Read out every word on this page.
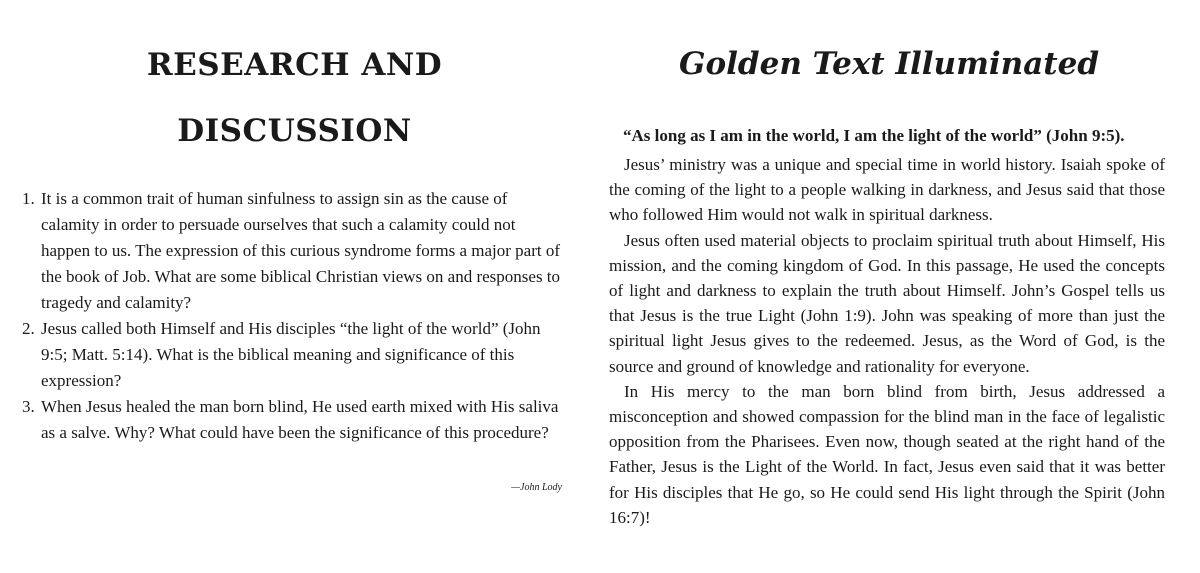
RESEARCH AND
DISCUSSION
1. It is a common trait of human sinfulness to assign sin as the cause of calamity in order to persuade ourselves that such a calamity could not happen to us. The expression of this curious syndrome forms a major part of the book of Job. What are some biblical Christian views on and responses to tragedy and calamity?
2. Jesus called both Himself and His disciples “the light of the world” (John 9:5; Matt. 5:14). What is the biblical meaning and significance of this expression?
3. When Jesus healed the man born blind, He used earth mixed with His saliva as a salve. Why? What could have been the significance of this procedure?
—John Lody
Golden Text Illuminated

“As long as I am in the world, I am the light of the world” (John 9:5).

Jesus’ ministry was a unique and special time in world history. Isaiah spoke of the coming of the light to a people walking in darkness, and Jesus said that those who followed Him would not walk in spiritual darkness.

Jesus often used material objects to proclaim spiritual truth about Himself, His mission, and the coming kingdom of God. In this passage, He used the concepts of light and darkness to explain the truth about Himself. John’s Gospel tells us that Jesus is the true Light (John 1:9). John was speaking of more than just the spiritual light Jesus gives to the redeemed. Jesus, as the Word of God, is the source and ground of knowledge and rationality for everyone.

In His mercy to the man born blind from birth, Jesus addressed a misconception and showed compassion for the blind man in the face of legalistic opposition from the Pharisees. Even now, though seated at the right hand of the Father, Jesus is the Light of the World. In fact, Jesus even said that it was better for His disciples that He go, so He could send His light through the Spirit (John 16:7)!
